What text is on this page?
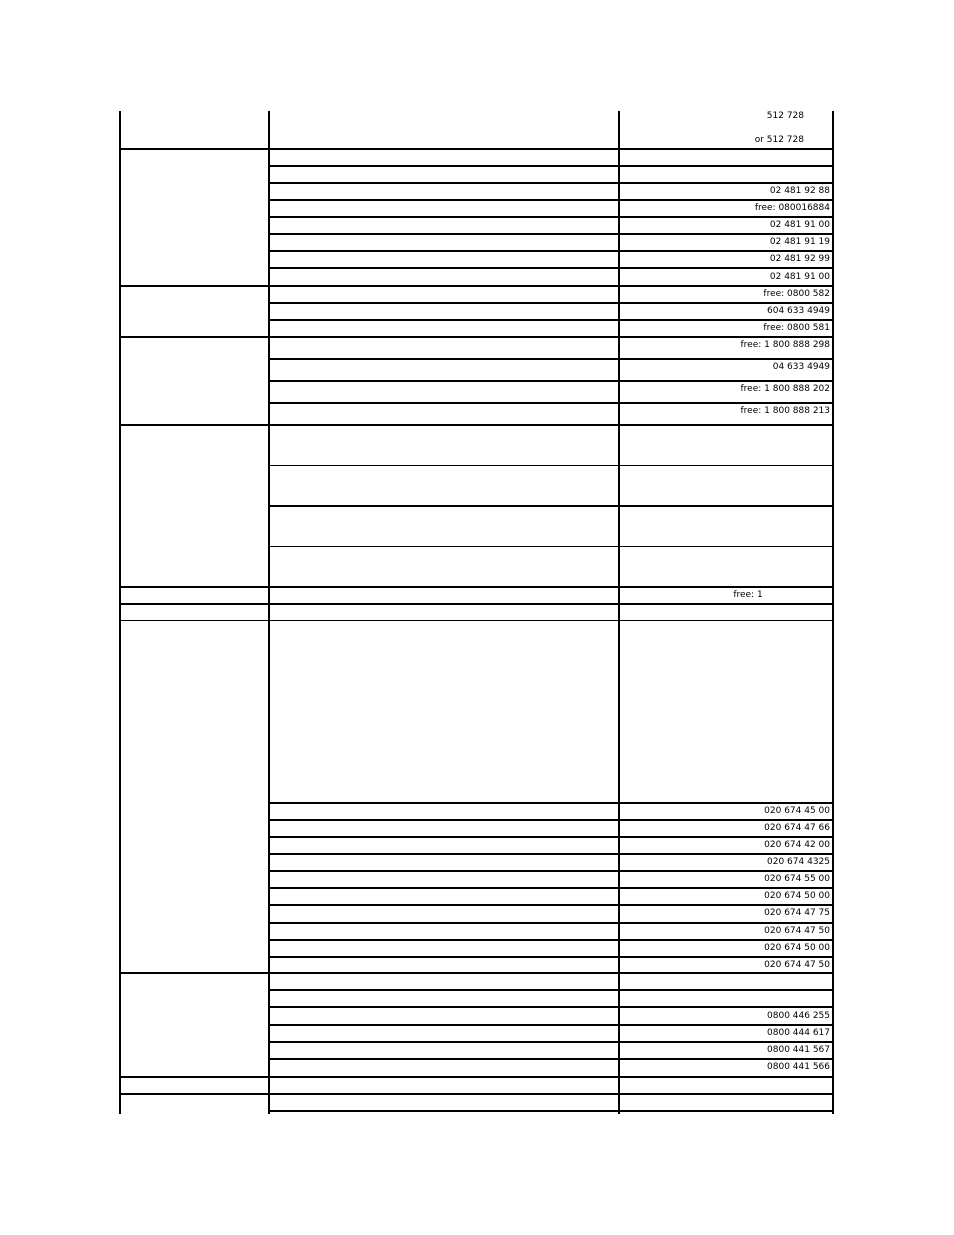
512 728
or 512 728
02 481 92 88
free: 080016884
02 481 91 00
02 481 91 19
02 481 92 99
02 481 91 00
free: 0800 582
604 633 4949
free: 0800 581
free: 1 800 888 298
04 633 4949
free: 1 800 888 202
free: 1 800 888 213
free: 1
020 674 45 00
020 674 47 66
020 674 42 00
020 674 4325
020 674 55 00
020 674 50 00
020 674 47 75
020 674 47 50
020 674 50 00
020 674 47 50
0800 446 255
0800 444 617
0800 441 567
0800 441 566
